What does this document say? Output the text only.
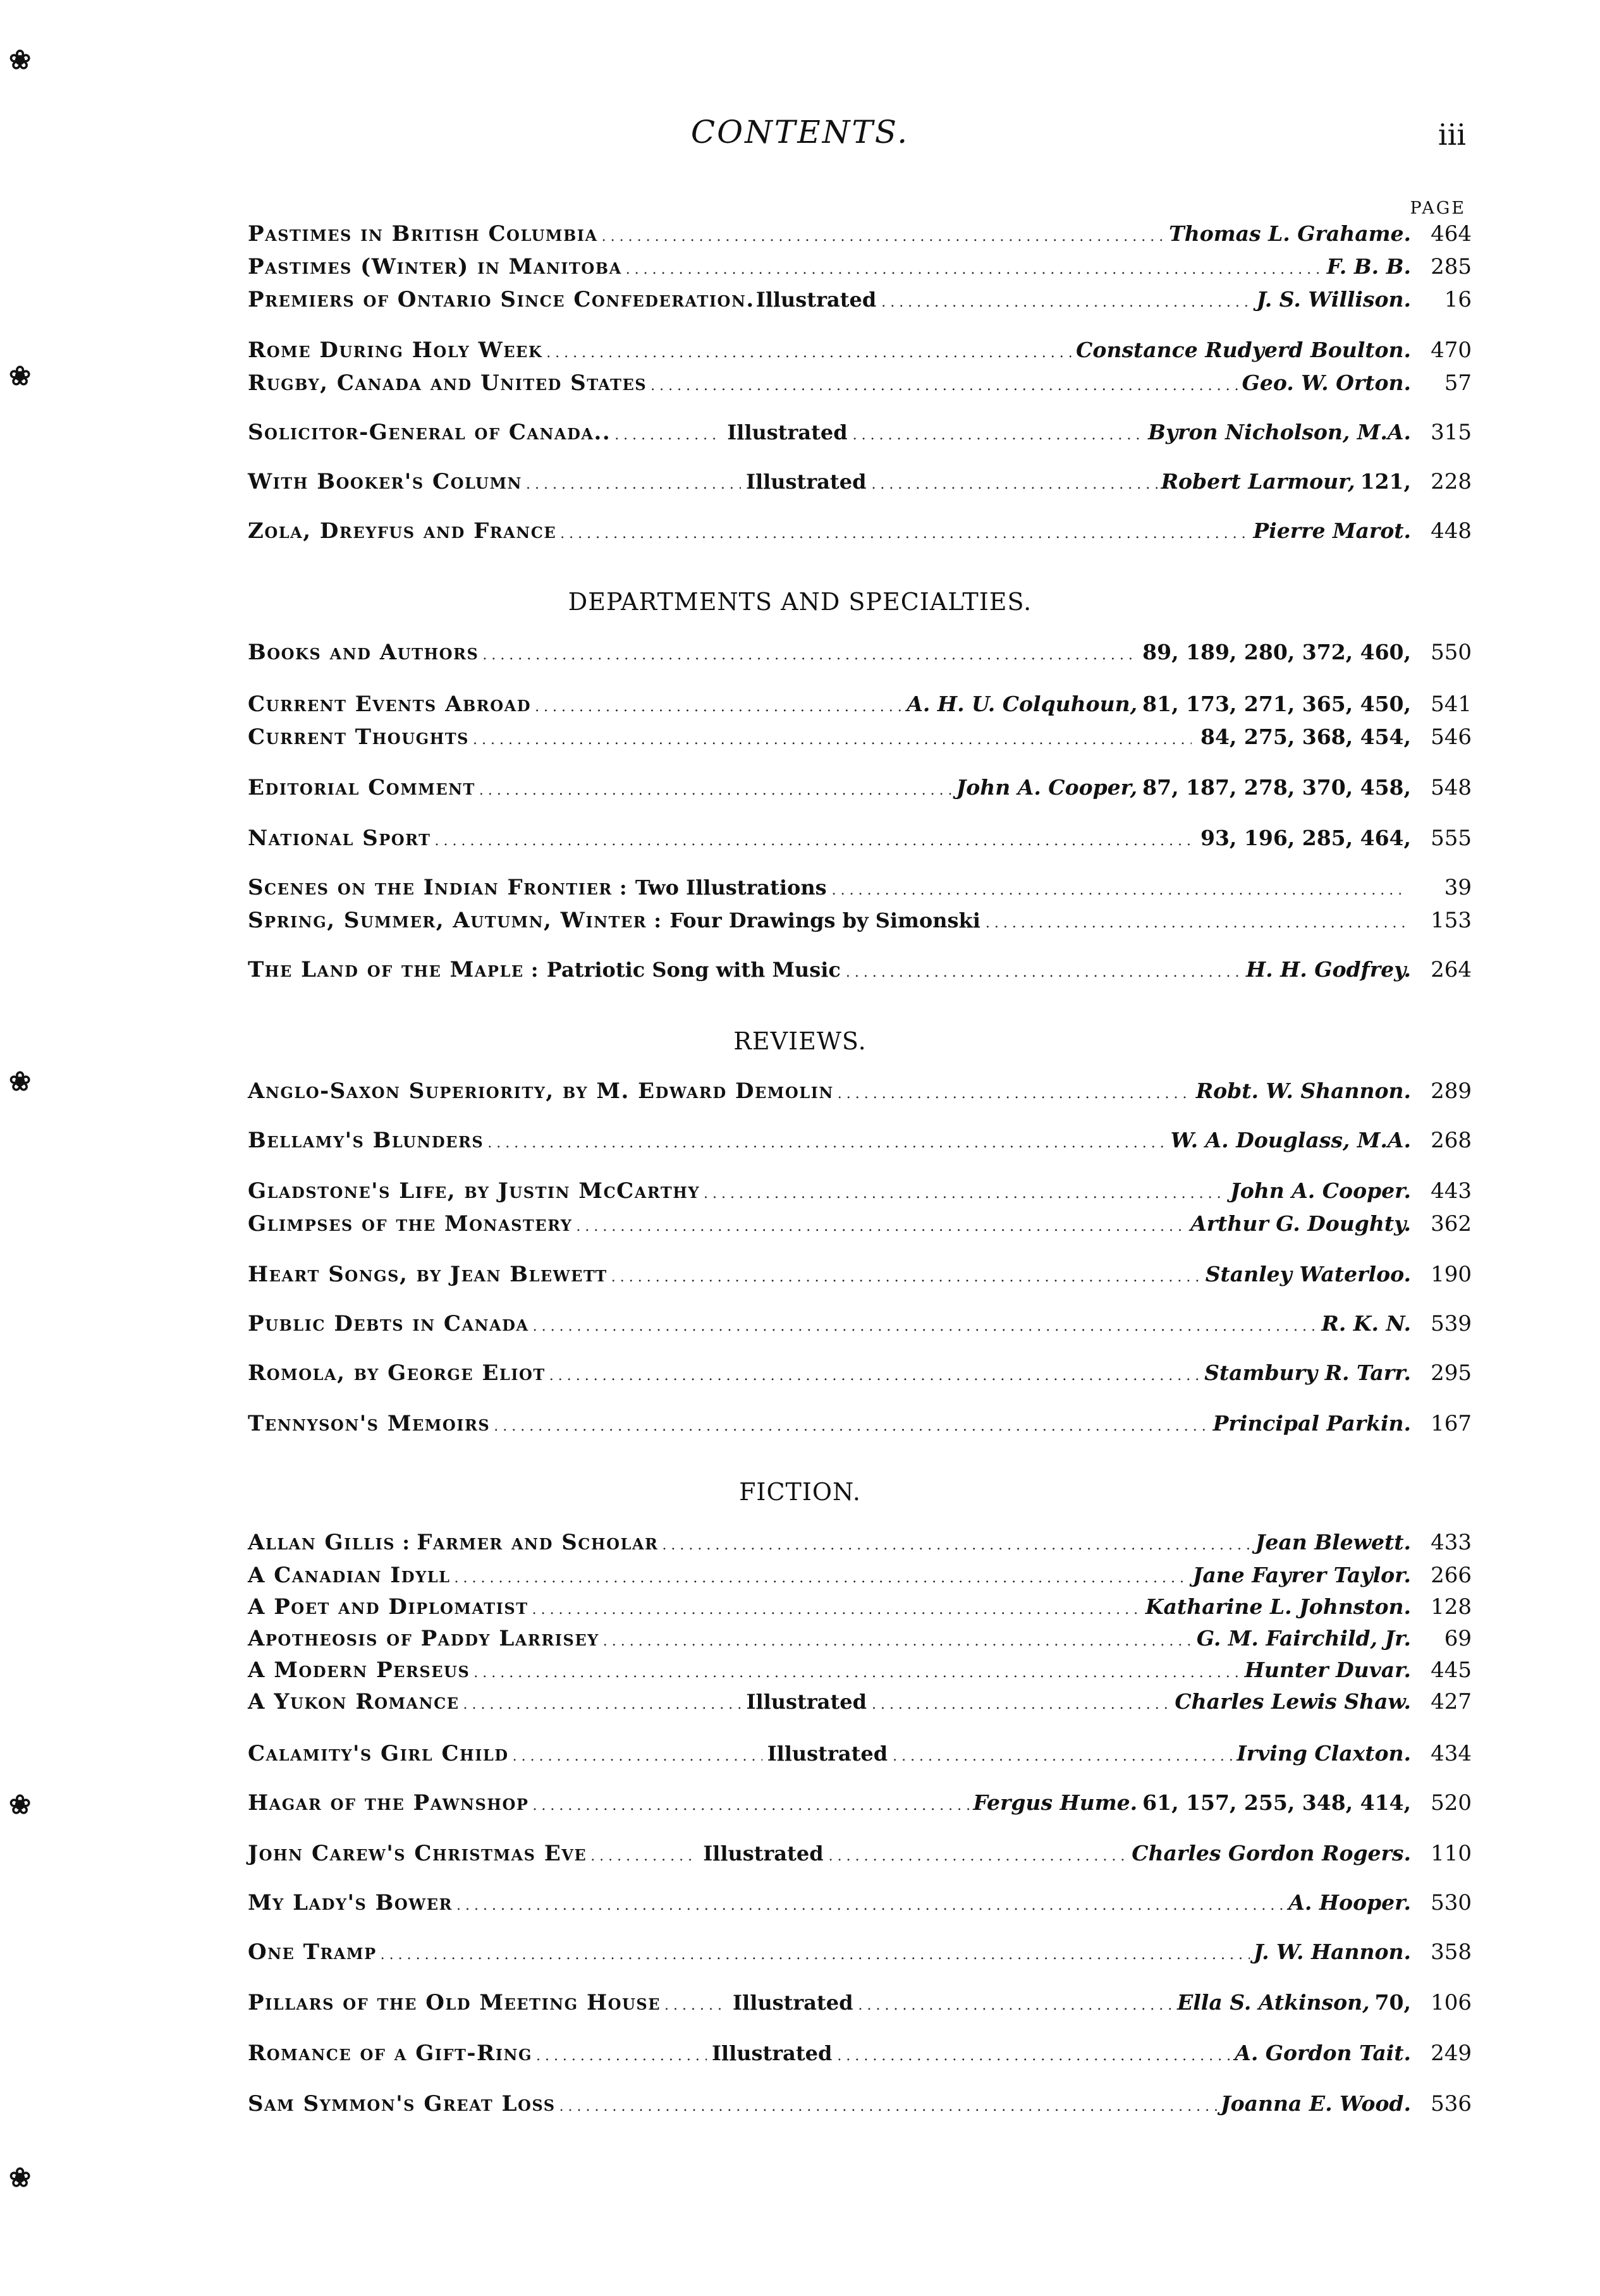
CONTENTS.	iii
PAGE
DEPARTMENTS AND SPECIALTIES.
REVIEWS.
FICTION.
Pastimes in British Columbia .....	Thomas L. Grahame. 464
Pastimes (Winter) in Manitoba .....	F. B. B. 285
Premiers of Ontario Since Confederation. Illustrated .....	J. S. Willison.	16
Rome During Holy Week .....	Constance Rudyerd Boulton. 470
Rugby, Canada and United States .....	Geo. W. Orton.	57
Solicitor-General of Canada.. .....	Illustrated .....	Byron Nicholson, M.A. 315
With Booker's Column .....	Illustrated .....	Robert Larmour, 121, 228
Zola, Dreyfus and France .....	Pierre Marot. 448
Books and Authors .....	89, 189, 280, 372, 460, 550
Current Events Abroad .....	A. H. U. Colquhoun, 81, 173, 271, 365, 450, 541
Current Thoughts .....	84, 275, 368, 454, 546
Editorial Comment .....	John A. Cooper, 87, 187, 278, 370, 458, 548
National Sport .....	93, 196, 285, 464, 555
Scenes on the Indian Frontier : Two Illustrations .....	39
Spring, Summer, Autumn, Winter : Four Drawings by Simonski .....	153
The Land of the Maple : Patriotic Song with Music .....	H. H. Godfrey. 264
Anglo-Saxon Superiority, by M. Edward Demolin .....	Robt. W. Shannon. 289
Bellamy's Blunders .....	W. A. Douglass, M.A. 268
Gladstone's Life, by Justin McCarthy .....	John A. Cooper. 443
Glimpses of the Monastery .....	Arthur G. Doughty. 362
Heart Songs, by Jean Blewett .....	Stanley Waterloo. 190
Public Debts in Canada .....	R. K. N. 539
Romola, by George Eliot .....	Stambury R. Tarr. 295
Tennyson's Memoirs .....	Principal Parkin. 167
Allan Gillis : Farmer and Scholar .....	Jean Blewett. 433
A Canadian Idyll .....	Jane Fayrer Taylor. 266
A Poet and Diplomatist .....	Katharine L. Johnston. 128
Apotheosis of Paddy Larrisey .....	G. M. Fairchild, Jr.	69
A Modern Perseus .....	Hunter Duvar. 445
A Yukon Romance .....	Illustrated .....	Charles Lewis Shaw. 427
Calamity's Girl Child .....	Illustrated .....	Irving Claxton. 434
Hagar of the Pawnshop .....	Fergus Hume. 61, 157, 255, 348, 414, 520
John Carew's Christmas Eve .....	Illustrated .....	Charles Gordon Rogers. 110
My Lady's Bower .....	A. Hooper. 530
One Tramp .....	J. W. Hannon. 358
Pillars of the Old Meeting House .....	Illustrated .....	Ella S. Atkinson, 70, 106
Romance of a Gift-Ring .....	Illustrated .....	A. Gordon Tait. 249
Sam Symmon's Great Loss .....	Joanna E. Wood. 536
❀
❀
❀
❀
❀
